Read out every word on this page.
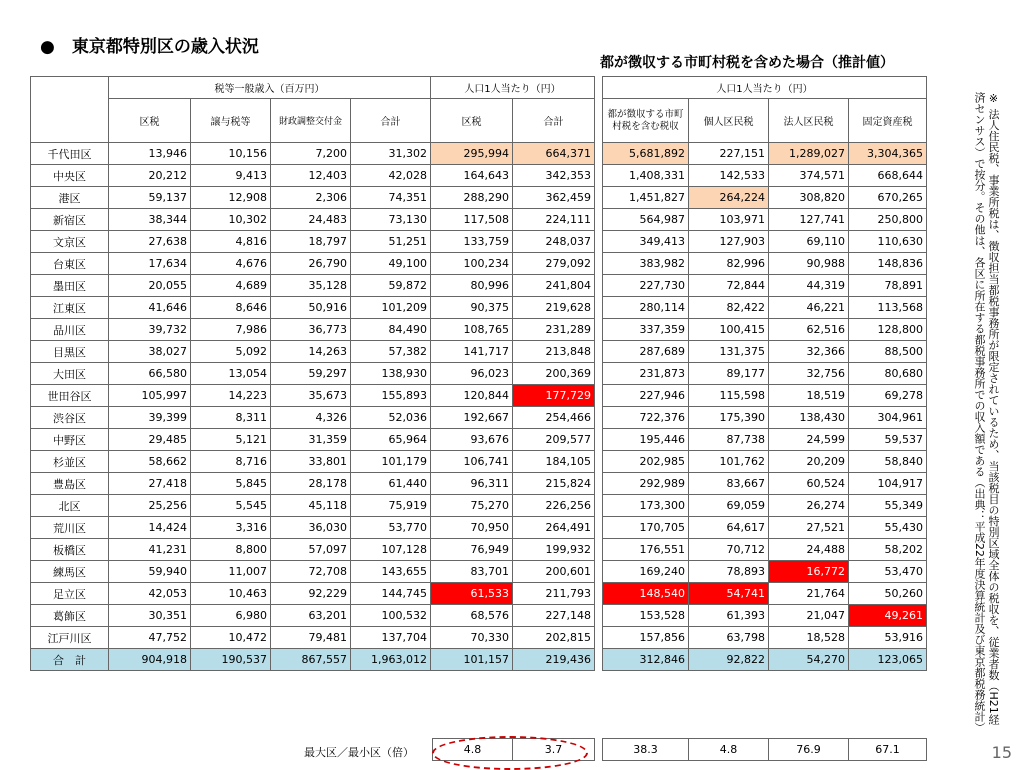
●　東京都特別区の歳入状況
都が徴収する市町村税を含めた場合（推計値）
	税等一般歳入（百万円）				人口1人当たり（円）	
	区税	譲与税等	財政調整交付金	合計	区税	合計
千代田区	13,946	10,156	7,200	31,302	295,994	664,371
中央区	20,212	9,413	12,403	42,028	164,643	342,353
港区	59,137	12,908	2,306	74,351	288,290	362,459
新宿区	38,344	10,302	24,483	73,130	117,508	224,111
文京区	27,638	4,816	18,797	51,251	133,759	248,037
台東区	17,634	4,676	26,790	49,100	100,234	279,092
墨田区	20,055	4,689	35,128	59,872	80,996	241,804
江東区	41,646	8,646	50,916	101,209	90,375	219,628
品川区	39,732	7,986	36,773	84,490	108,765	231,289
目黒区	38,027	5,092	14,263	57,382	141,717	213,848
大田区	66,580	13,054	59,297	138,930	96,023	200,369
世田谷区	105,997	14,223	35,673	155,893	120,844	177,729
渋谷区	39,399	8,311	4,326	52,036	192,667	254,466
中野区	29,485	5,121	31,359	65,964	93,676	209,577
杉並区	58,662	8,716	33,801	101,179	106,741	184,105
豊島区	27,418	5,845	28,178	61,440	96,311	215,824
北区	25,256	5,545	45,118	75,919	75,270	226,256
荒川区	14,424	3,316	36,030	53,770	70,950	264,491
板橋区	41,231	8,800	57,097	107,128	76,949	199,932
練馬区	59,940	11,007	72,708	143,655	83,701	200,601
足立区	42,053	10,463	92,229	144,745	61,533	211,793
葛飾区	30,351	6,980	63,201	100,532	68,576	227,148
江戸川区	47,752	10,472	79,481	137,704	70,330	202,815
合　計	904,918	190,537	867,557	1,963,012	101,157	219,436
人口1人当たり（円）			
都が徴収する市町村税を含む税収	個人区民税	法人区民税	固定資産税
5,681,892	227,151	1,289,027	3,304,365
1,408,331	142,533	374,571	668,644
1,451,827	264,224	308,820	670,265
564,987	103,971	127,741	250,800
349,413	127,903	69,110	110,630
383,982	82,996	90,988	148,836
227,730	72,844	44,319	78,891
280,114	82,422	46,221	113,568
337,359	100,415	62,516	128,800
287,689	131,375	32,366	88,500
231,873	89,177	32,756	80,680
227,946	115,598	18,519	69,278
722,376	175,390	138,430	304,961
195,446	87,738	24,599	59,537
202,985	101,762	20,209	58,840
292,989	83,667	60,524	104,917
173,300	69,059	26,274	55,349
170,705	64,617	27,521	55,430
176,551	70,712	24,488	58,202
169,240	78,893	16,772	53,470
148,540	54,741	21,764	50,260
153,528	61,393	21,047	49,261
157,856	63,798	18,528	53,916
312,846	92,822	54,270	123,065
最大区／最小区（倍）	4.8	3.7	38.3	4.8	76.9	67.1
※ 法人住民税、事業所税は、徴収担当都税事務所が限定されているため、当該税目の特別区域全体の税収を、従業者数（H21経済センサス）で按分。その他は、各区に所在する都税事務所での収入額である（出典：平成22年度決算統計及び東京都税務統計）
15
